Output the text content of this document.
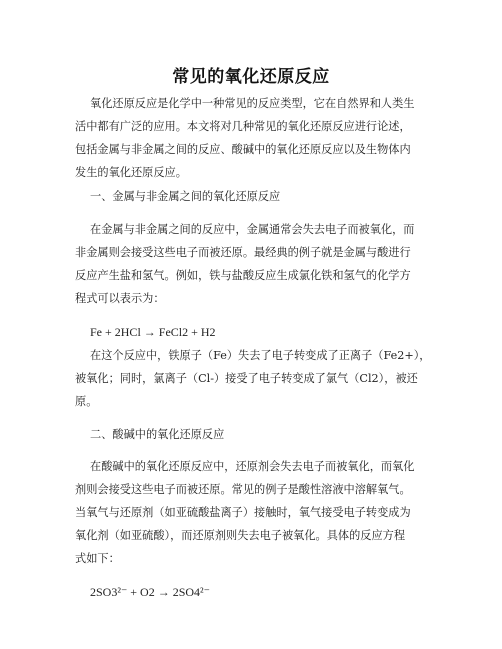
常见的氧化还原反应
氧化还原反应是化学中一种常见的反应类型，它在自然界和人类生
活中都有广泛的应用。本文将对几种常见的氧化还原反应进行论述，
包括金属与非金属之间的反应、酸碱中的氧化还原反应以及生物体内
发生的氧化还原反应。
一、金属与非金属之间的氧化还原反应
在金属与非金属之间的反应中，金属通常会失去电子而被氧化，而
非金属则会接受这些电子而被还原。最经典的例子就是金属与酸进行
反应产生盐和氢气。例如，铁与盐酸反应生成氯化铁和氢气的化学方
程式可以表示为：
Fe + 2HCl → FeCl2 + H2
在这个反应中，铁原子（Fe）失去了电子转变成了正离子（Fe2+），
被氧化；同时，氯离子（Cl-）接受了电子转变成了氯气（Cl2），被还
原。
二、酸碱中的氧化还原反应
在酸碱中的氧化还原反应中，还原剂会失去电子而被氧化，而氧化
剂则会接受这些电子而被还原。常见的例子是酸性溶液中溶解氧气。
当氧气与还原剂（如亚硫酸盐离子）接触时，氧气接受电子转变成为
氧化剂（如亚硫酸），而还原剂则失去电子被氧化。具体的反应方程
式如下：
2SO3²⁻ + O2 → 2SO4²⁻
